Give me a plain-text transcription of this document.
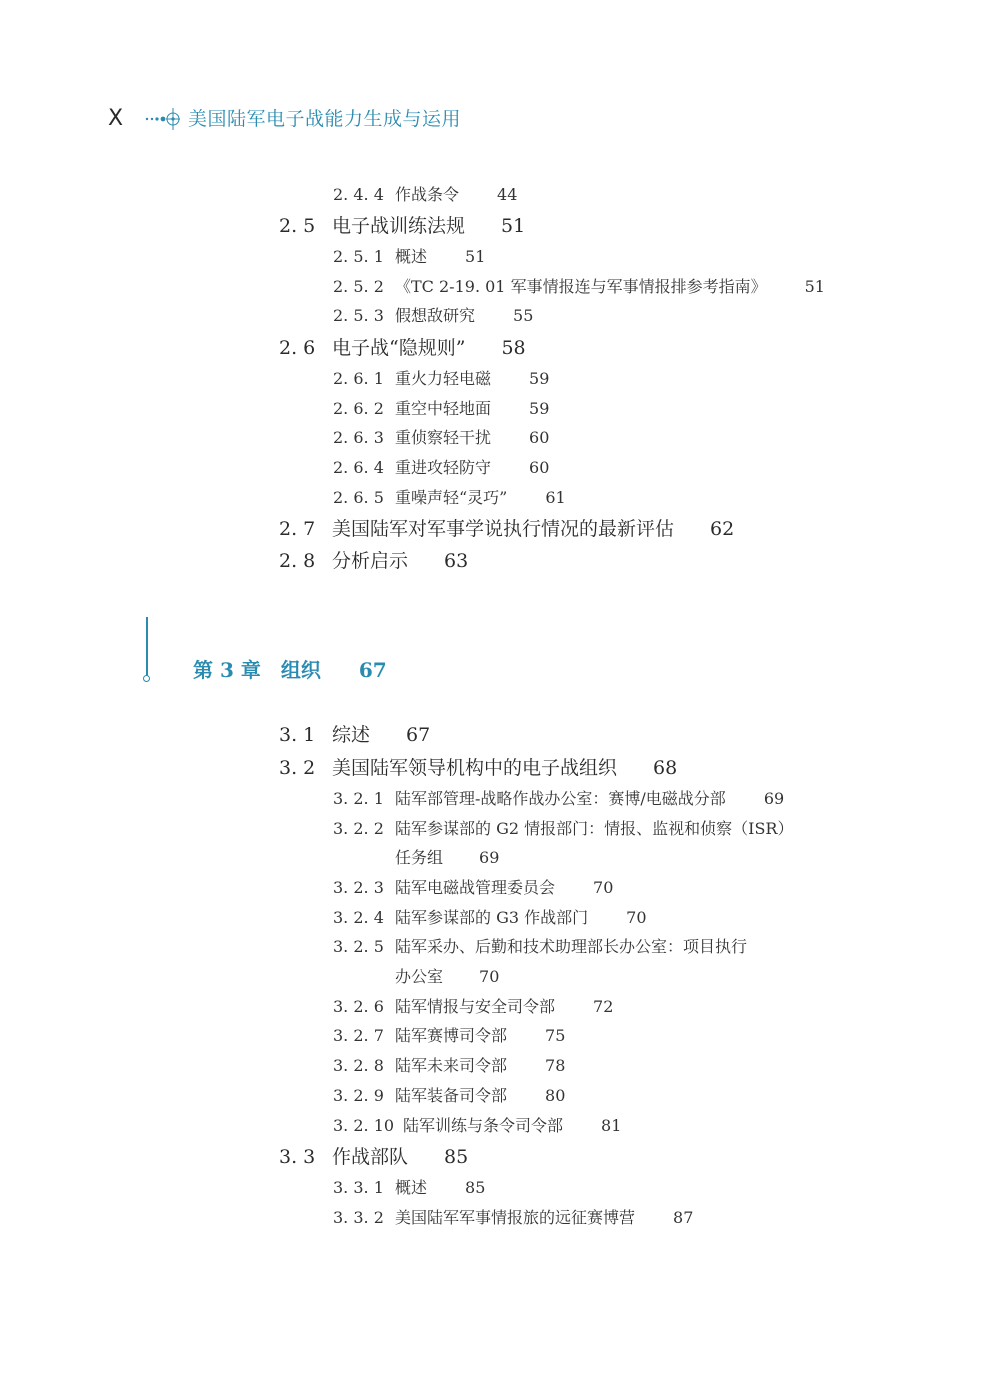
X	美国陆军电子战能力生成与运用
2. 4. 4 作战条令 44
2. 5 电子战训练法规 51
2. 5. 1 概述 51
2. 5. 2 《TC 2-19. 01 军事情报连与军事情报排参考指南》 51
2. 5. 3 假想敌研究 55
2. 6 电子战“隐规则” 58
2. 6. 1 重火力轻电磁 59
2. 6. 2 重空中轻地面 59
2. 6. 3 重侦察轻干扰 60
2. 6. 4 重进攻轻防守 60
2. 6. 5 重噪声轻“灵巧” 61
2. 7 美国陆军对军事学说执行情况的最新评估 62
2. 8 分析启示 63
第 3 章 组织 67
3. 1 综述 67
3. 2 美国陆军领导机构中的电子战组织 68
3. 2. 1 陆军部管理-战略作战办公室：赛博/电磁战分部 69
3. 2. 2 陆军参谋部的 G2 情报部门：情报、监视和侦察（ISR）
任务组 69
3. 2. 3 陆军电磁战管理委员会 70
3. 2. 4 陆军参谋部的 G3 作战部门 70
3. 2. 5 陆军采办、后勤和技术助理部长办公室：项目执行
办公室 70
3. 2. 6 陆军情报与安全司令部 72
3. 2. 7 陆军赛博司令部 75
3. 2. 8 陆军未来司令部 78
3. 2. 9 陆军装备司令部 80
3. 2. 10 陆军训练与条令司令部 81
3. 3 作战部队 85
3. 3. 1 概述 85
3. 3. 2 美国陆军军事情报旅的远征赛博营 87
